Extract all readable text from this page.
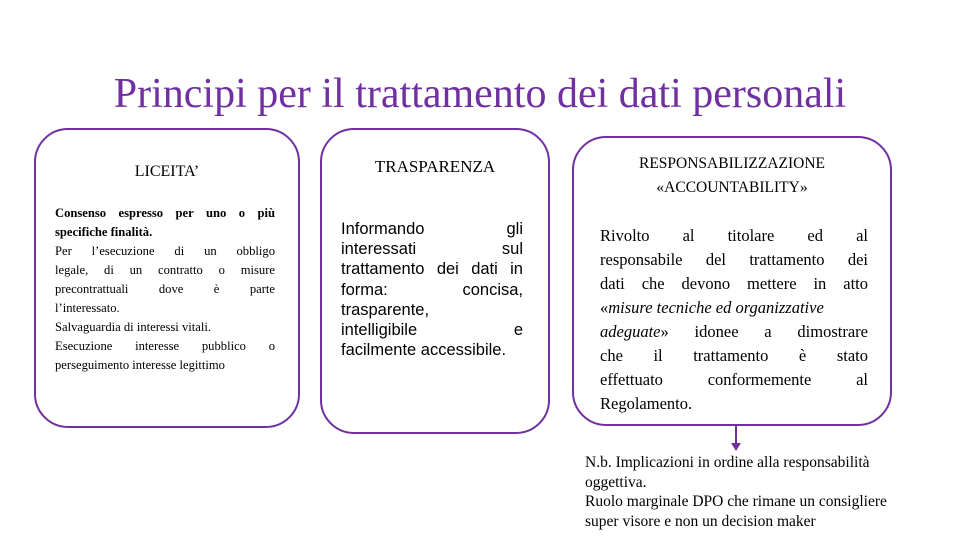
Principi per il trattamento dei dati personali
LICEITA’	TRASPARENZA	RESPONSABILIZZAZIONE
«ACCOUNTABILITY»
Consenso espresso per uno o più
specifiche finalità.
Per l’esecuzione di un obbligo
legale, di un contratto o misure
precontrattuali dove è parte
l’interessato.
Salvaguardia di interessi vitali.
Esecuzione interesse pubblico o
perseguimento interesse legittimo
Informando gli
interessati sul
trattamento dei dati in
forma: concisa,
trasparente,
intelligibile e
facilmente accessibile.
Rivolto al titolare ed al
responsabile del trattamento dei
dati che devono mettere in atto
«misure tecniche ed organizzative
adeguate» idonee a dimostrare
che il trattamento è stato
effettuato conformemente al
Regolamento.
N.b. Implicazioni in ordine alla responsabilità
oggettiva.
Ruolo marginale DPO che rimane un consigliere
super visore e non un decision maker
